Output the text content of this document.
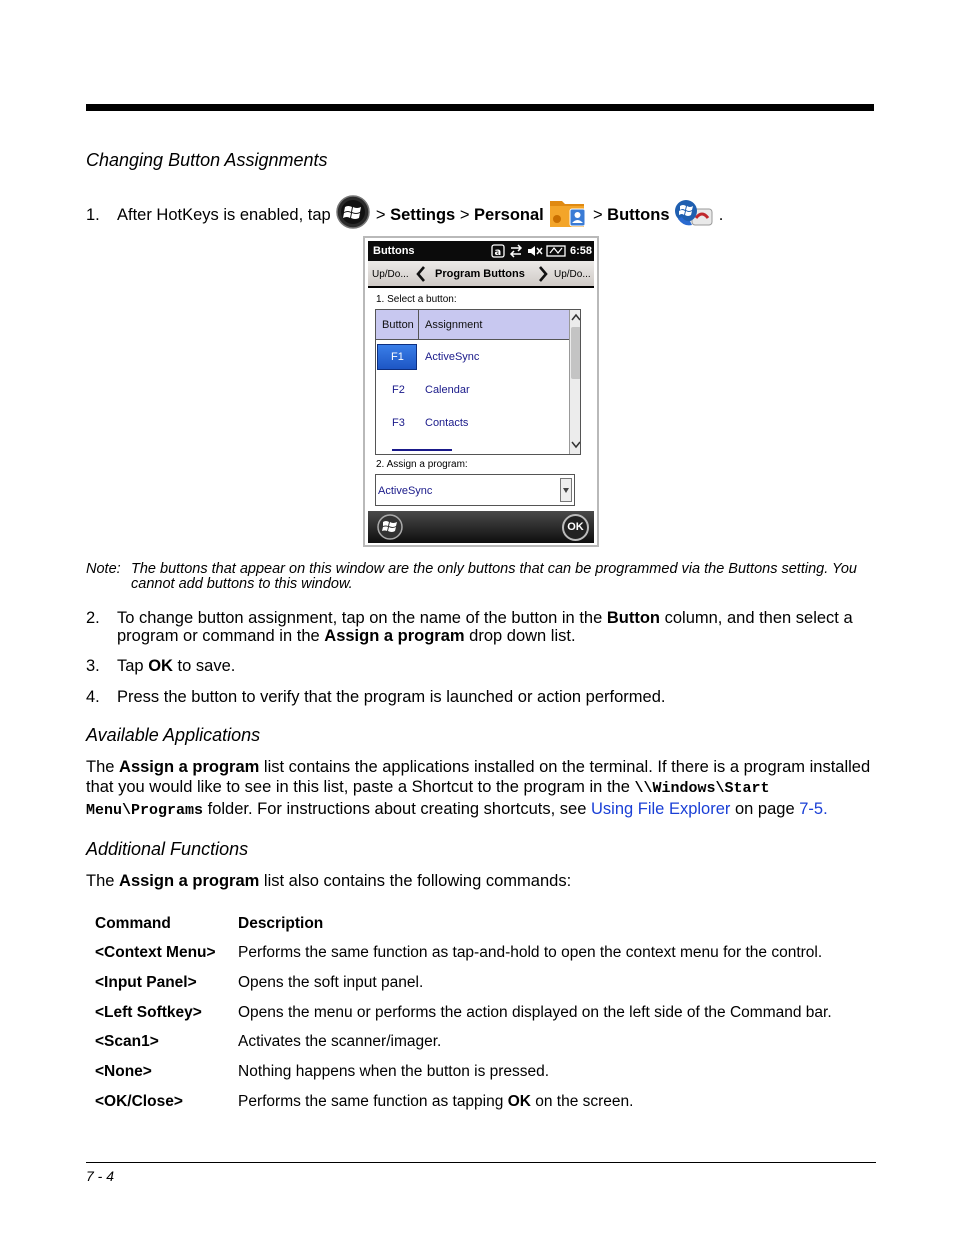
Changing Button Assignments
1. After HotKeys is enabled, tap	> Settings > Personal	> Buttons	.
Buttons	a	6:58
Up/Do... Program Buttons	Up/Do...
1. Select a button:
Button Assignment
F1 ActiveSync
F2 Calendar
F3 Contacts
2. Assign a program:
ActiveSync
OK
Note: The buttons that appear on this window are the only buttons that can be programmed via the Buttons setting. You cannot add buttons to this window.
2. To change button assignment, tap on the name of the button in the Button column, and then select a program or command in the Assign a program drop down list.
3. Tap OK to save.
4. Press the button to verify that the program is launched or action performed.
Available Applications
The Assign a program list contains the applications installed on the terminal. If there is a program installed that you would like to see in this list, paste a Shortcut to the program in the \\Windows\Start Menu\Programs folder. For instructions about creating shortcuts, see Using File Explorer on page 7-5.
Additional Functions
The Assign a program list also contains the following commands:
Command	Description
<Context Menu> Performs the same function as tap-and-hold to open the context menu for the control.
<Input Panel>	Opens the soft input panel.
<Left Softkey> Opens the menu or performs the action displayed on the left side of the Command bar.
<Scan1>	Activates the scanner/imager.
<None>	Nothing happens when the button is pressed.
<OK/Close>	Performs the same function as tapping OK on the screen.
7 - 4
